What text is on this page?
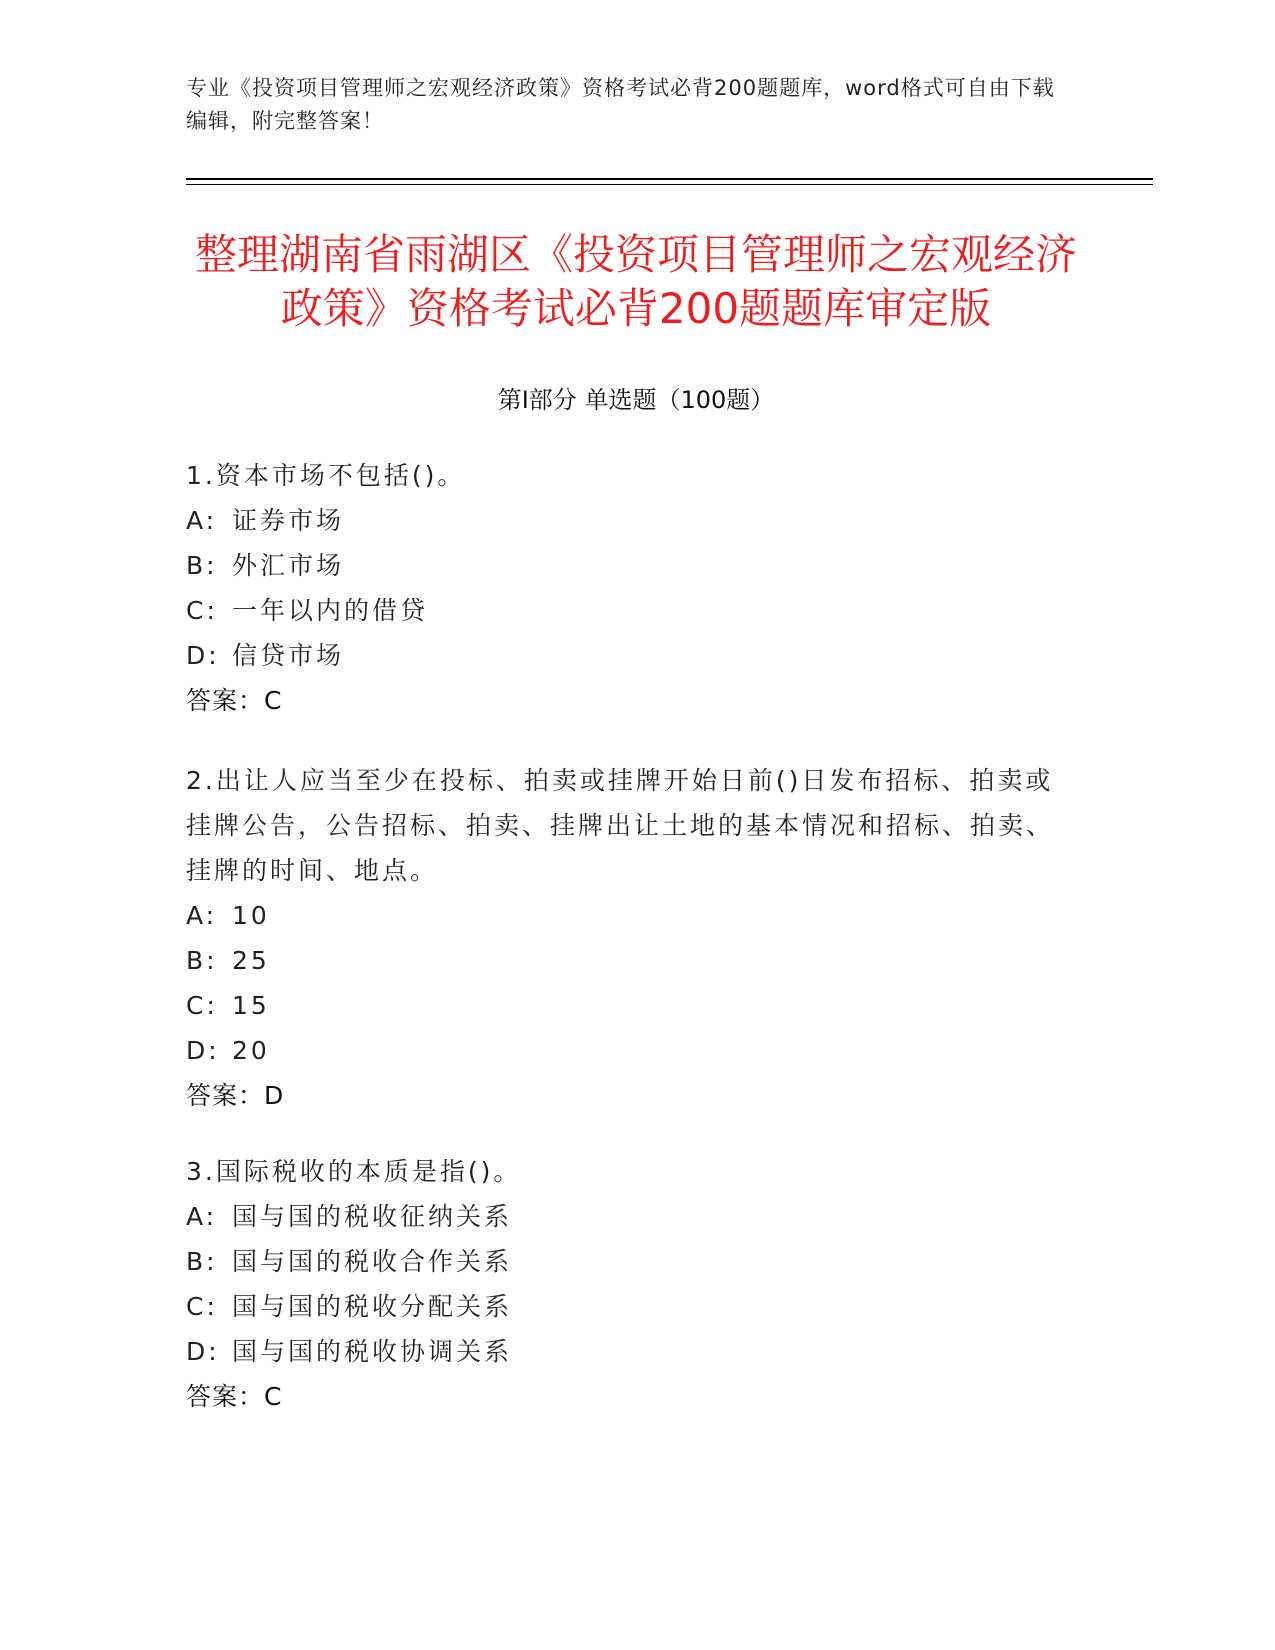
专业《投资项目管理师之宏观经济政策》资格考试必背200题题库，word格式可自由下载编辑，附完整答案！

整理湖南省雨湖区《投资项目管理师之宏观经济政策》资格考试必背200题题库审定版
第Ⅰ部分 单选题（100题）

1.资本市场不包括()。

A: 证券市场

B: 外汇市场

C: 一年以内的借贷

D: 信贷市场

答案：C

2.出让人应当至少在投标、拍卖或挂牌开始日前()日发布招标、拍卖或挂牌公告，公告招标、拍卖、挂牌出让土地的基本情况和招标、拍卖、挂牌的时间、地点。

A: 10

B: 25

C: 15

D: 20

答案：D

3.国际税收的本质是指()。

A: 国与国的税收征纳关系

B: 国与国的税收合作关系

C: 国与国的税收分配关系

D: 国与国的税收协调关系

答案：C
